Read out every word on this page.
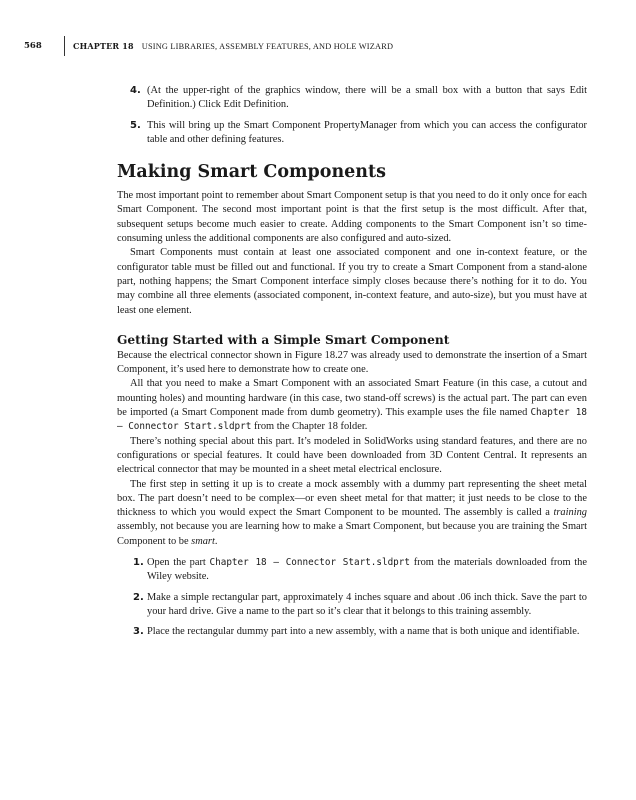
568	CHAPTER 18 USING LIBRARIES, ASSEMBLY FEATURES, AND HOLE WIZARD
4. (At the upper-right of the graphics window, there will be a small box with a button that says Edit Definition.) Click Edit Definition.
5. This will bring up the Smart Component PropertyManager from which you can access the configurator table and other defining features.
Making Smart Components

The most important point to remember about Smart Component setup is that you need to do it only once for each Smart Component. The second most important point is that the first setup is the most difficult. After that, subsequent setups become much easier to create. Adding components to the Smart Component isn’t so time-consuming unless the additional components are also configured and auto-sized.

Smart Components must contain at least one associated component and one in-context feature, or the configurator table must be filled out and functional. If you try to create a Smart Component from a stand-alone part, nothing happens; the Smart Component interface simply closes because there’s nothing for it to do. You may combine all three elements (associated component, in-context feature, and auto-size), but you must have at least one element.

Getting Started with a Simple Smart Component

Because the electrical connector shown in Figure 18.27 was already used to demonstrate the insertion of a Smart Component, it’s used here to demonstrate how to create one.

All that you need to make a Smart Component with an associated Smart Feature (in this case, a cutout and mounting holes) and mounting hardware (in this case, two stand-off screws) is the actual part. The part can even be imported (a Smart Component made from dumb geometry). This example uses the file named Chapter 18 – Connector Start.sldprt from the Chapter 18 folder.

There’s nothing special about this part. It’s modeled in SolidWorks using standard features, and there are no configurations or special features. It could have been downloaded from 3D Content Central. It represents an electrical connector that may be mounted in a sheet metal electrical enclosure.

The first step in setting it up is to create a mock assembly with a dummy part representing the sheet metal box. The part doesn’t need to be complex—or even sheet metal for that matter; it just needs to be close to the thickness to which you would expect the Smart Component to be mounted. The assembly is called a training assembly, not because you are learning how to make a Smart Component, but because you are training the Smart Component to be smart.

1. Open the part Chapter 18 – Connector Start.sldprt from the materials downloaded from the Wiley website.
2. Make a simple rectangular part, approximately 4 inches square and about .06 inch thick. Save the part to your hard drive. Give a name to the part so it’s clear that it belongs to this training assembly.
3. Place the rectangular dummy part into a new assembly, with a name that is both unique and identifiable.
